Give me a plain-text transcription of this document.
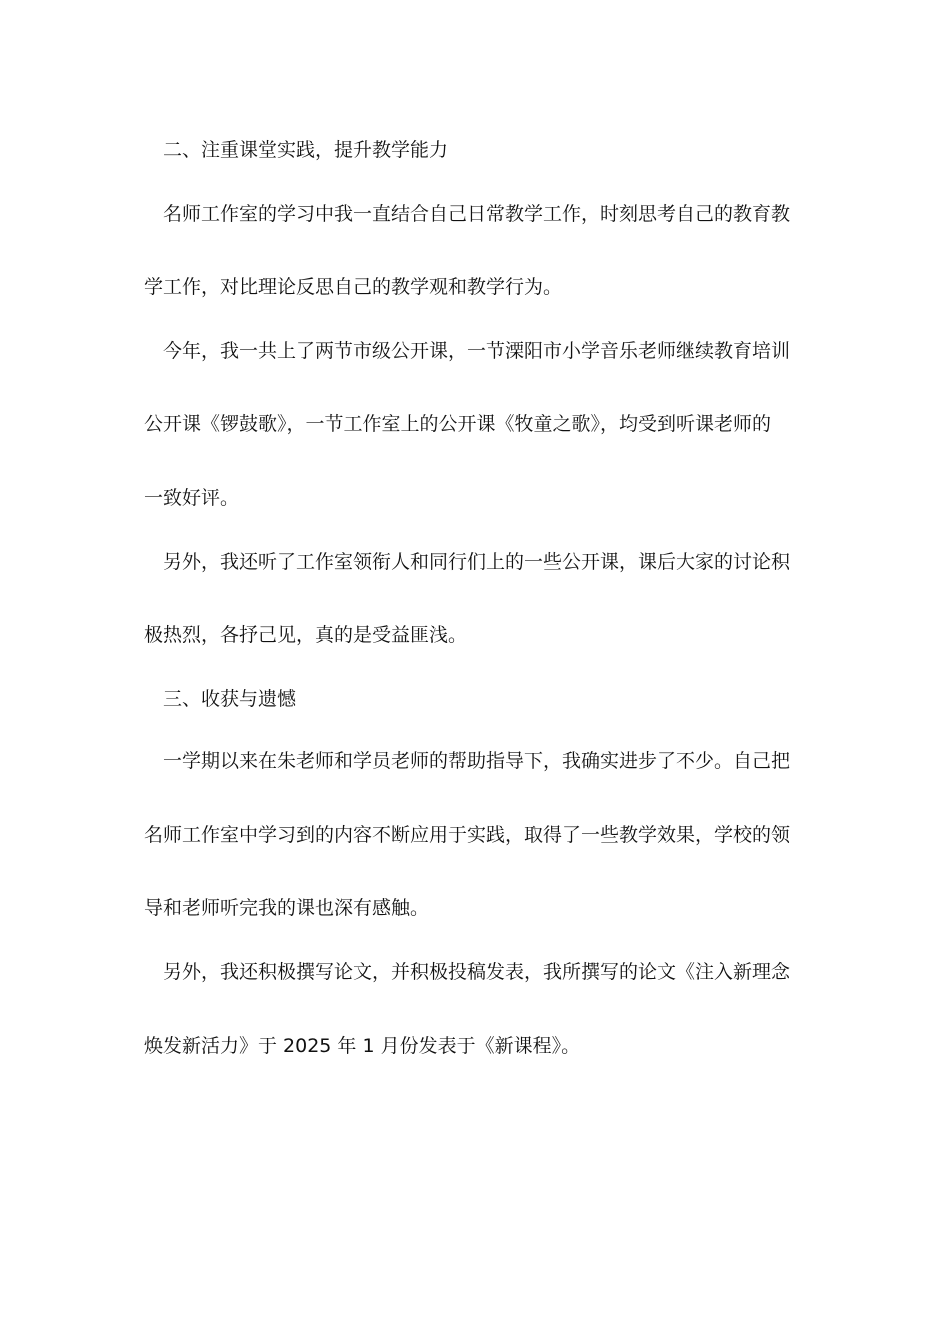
二、注重课堂实践，提升教学能力
名师工作室的学习中我一直结合自己日常教学工作，时刻思考自己的教育教
学工作，对比理论反思自己的教学观和教学行为。
今年，我一共上了两节市级公开课，一节溧阳市小学音乐老师继续教育培训
公开课《锣鼓歌》，一节工作室上的公开课《牧童之歌》，均受到听课老师的
一致好评。
另外，我还听了工作室领衔人和同行们上的一些公开课，课后大家的讨论积
极热烈，各抒己见，真的是受益匪浅。
三、收获与遗憾
一学期以来在朱老师和学员老师的帮助指导下，我确实进步了不少。自己把
名师工作室中学习到的内容不断应用于实践，取得了一些教学效果，学校的领
导和老师听完我的课也深有感触。
另外，我还积极撰写论文，并积极投稿发表，我所撰写的论文《注入新理念
焕发新活力》于 2025 年 1 月份发表于《新课程》。
